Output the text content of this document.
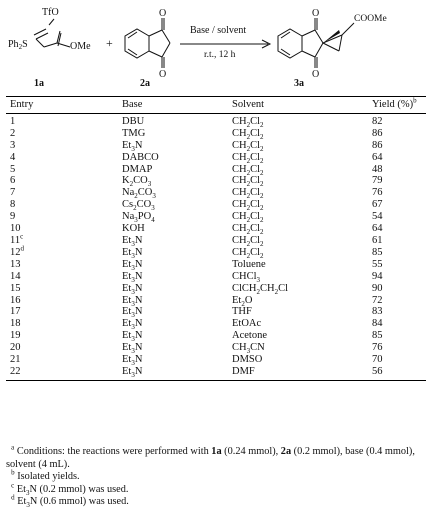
TfO
$Ph_2S$	OMe +
O
O
Base / solvent
r.t., 12 h
O
O
COOMe
1a	2a	3a
Entry	Base	Solvent	Yield (%)$^b$
1	DBU	$CH_2Cl_2$	82
2	TMG	$CH_2Cl_2$	86
3	$Et_3N$	$CH_2Cl_2$	86
4	DABCO	$CH_2Cl_2$	64
5	DMAP	$CH_2Cl_2$	48
6	$K_2CO_3$	$CH_2Cl_2$	79
7	$Na_2CO_3$	$CH_2Cl_2$	76
8	$Cs_2CO_3$	$CH_2Cl_2$	67
9	$Na_3PO_4$	$CH_2Cl_2$	54
10	KOH	$CH_2Cl_2$	64
11$^c$	$Et_3N$	$CH_2Cl_2$	61
12$^d$	$Et_3N$	$CH_2Cl_2$	85
13	$Et_3N$	Toluene	55
14	$Et_3N$	CHCl$_3$	94
15	$Et_3N$	$ClCH_2CH_2Cl$	90
16	$Et_3N$	$Et_2O$	72
17	$Et_3N$	THF	83
18	$Et_3N$	EtOAc	84
19	$Et_3N$	Acetone	85
20	$Et_3N$	$CH_3CN$	76
21	$Et_3N$	DMSO	70
22	$Et_3N$	DMF	56
$^a$ Conditions: the reactions were performed with 1a (0.24 mmol), 2a (0.2 mmol), base (0.4 mmol), solvent (4 mL).
$^b$ Isolated yields.
$^c$ $Et_3N$ (0.2 mmol) was used.
$^d$ $Et_3N$ (0.6 mmol) was used.
